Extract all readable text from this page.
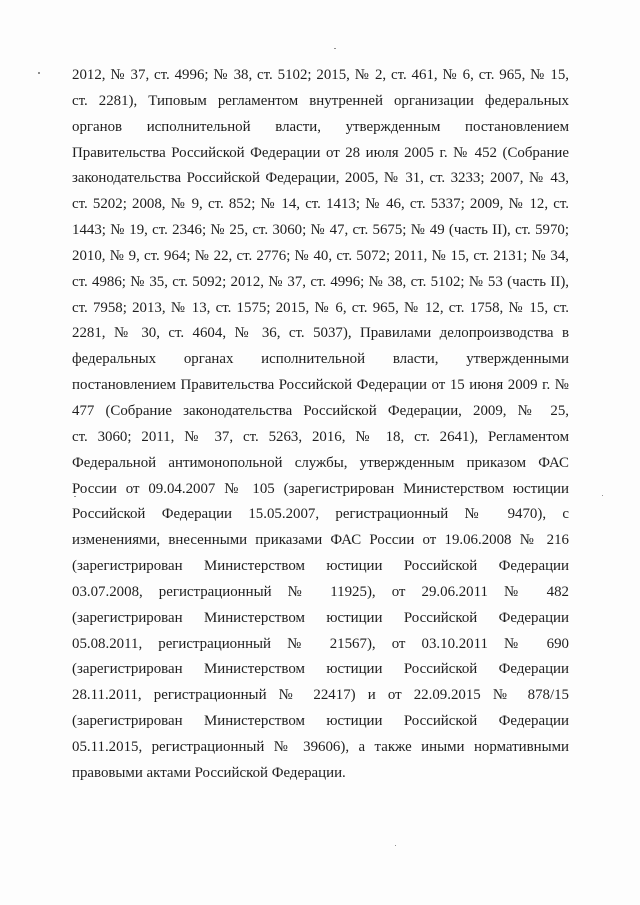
2012, № 37, ст. 4996; № 38, ст. 5102; 2015, № 2, ст. 461, № 6, ст. 965, № 15,
ст. 2281), Типовым регламентом внутренней организации федеральных
органов исполнительной власти, утвержденным постановлением
Правительства Российской Федерации от 28 июля 2005 г. № 452 (Собрание
законодательства Российской Федерации, 2005, № 31, ст. 3233; 2007, № 43,
ст. 5202; 2008, № 9, ст. 852; № 14, ст. 1413; № 46, ст. 5337; 2009, № 12, ст.
1443; № 19, ст. 2346; № 25, ст. 3060; № 47, ст. 5675; № 49 (часть II), ст. 5970;
2010, № 9, ст. 964; № 22, ст. 2776; № 40, ст. 5072; 2011, № 15, ст. 2131; № 34,
ст. 4986; № 35, ст. 5092; 2012, № 37, ст. 4996; № 38, ст. 5102; № 53 (часть II),
ст. 7958; 2013, № 13, ст. 1575; 2015, № 6, ст. 965, № 12, ст. 1758, № 15, ст.
2281, № 30, ст. 4604, № 36, ст. 5037), Правилами делопроизводства в
федеральных органах исполнительной власти, утвержденными
постановлением Правительства Российской Федерации от 15 июня 2009 г. №
477 (Собрание законодательства Российской Федерации, 2009, № 25,
ст. 3060; 2011, № 37, ст. 5263, 2016, № 18, ст. 2641), Регламентом
Федеральной антимонопольной службы, утвержденным приказом ФАС
России от 09.04.2007 № 105 (зарегистрирован Министерством юстиции
Российской Федерации 15.05.2007, регистрационный № 9470), с
изменениями, внесенными приказами ФАС России от 19.06.2008 № 216
(зарегистрирован Министерством юстиции Российской Федерации
03.07.2008, регистрационный № 11925), от 29.06.2011 № 482
(зарегистрирован Министерством юстиции Российской Федерации
05.08.2011, регистрационный № 21567), от 03.10.2011 № 690
(зарегистрирован Министерством юстиции Российской Федерации
28.11.2011, регистрационный № 22417) и от 22.09.2015 № 878/15
(зарегистрирован Министерством юстиции Российской Федерации
05.11.2015, регистрационный № 39606), а также иными нормативными
правовыми актами Российской Федерации.
